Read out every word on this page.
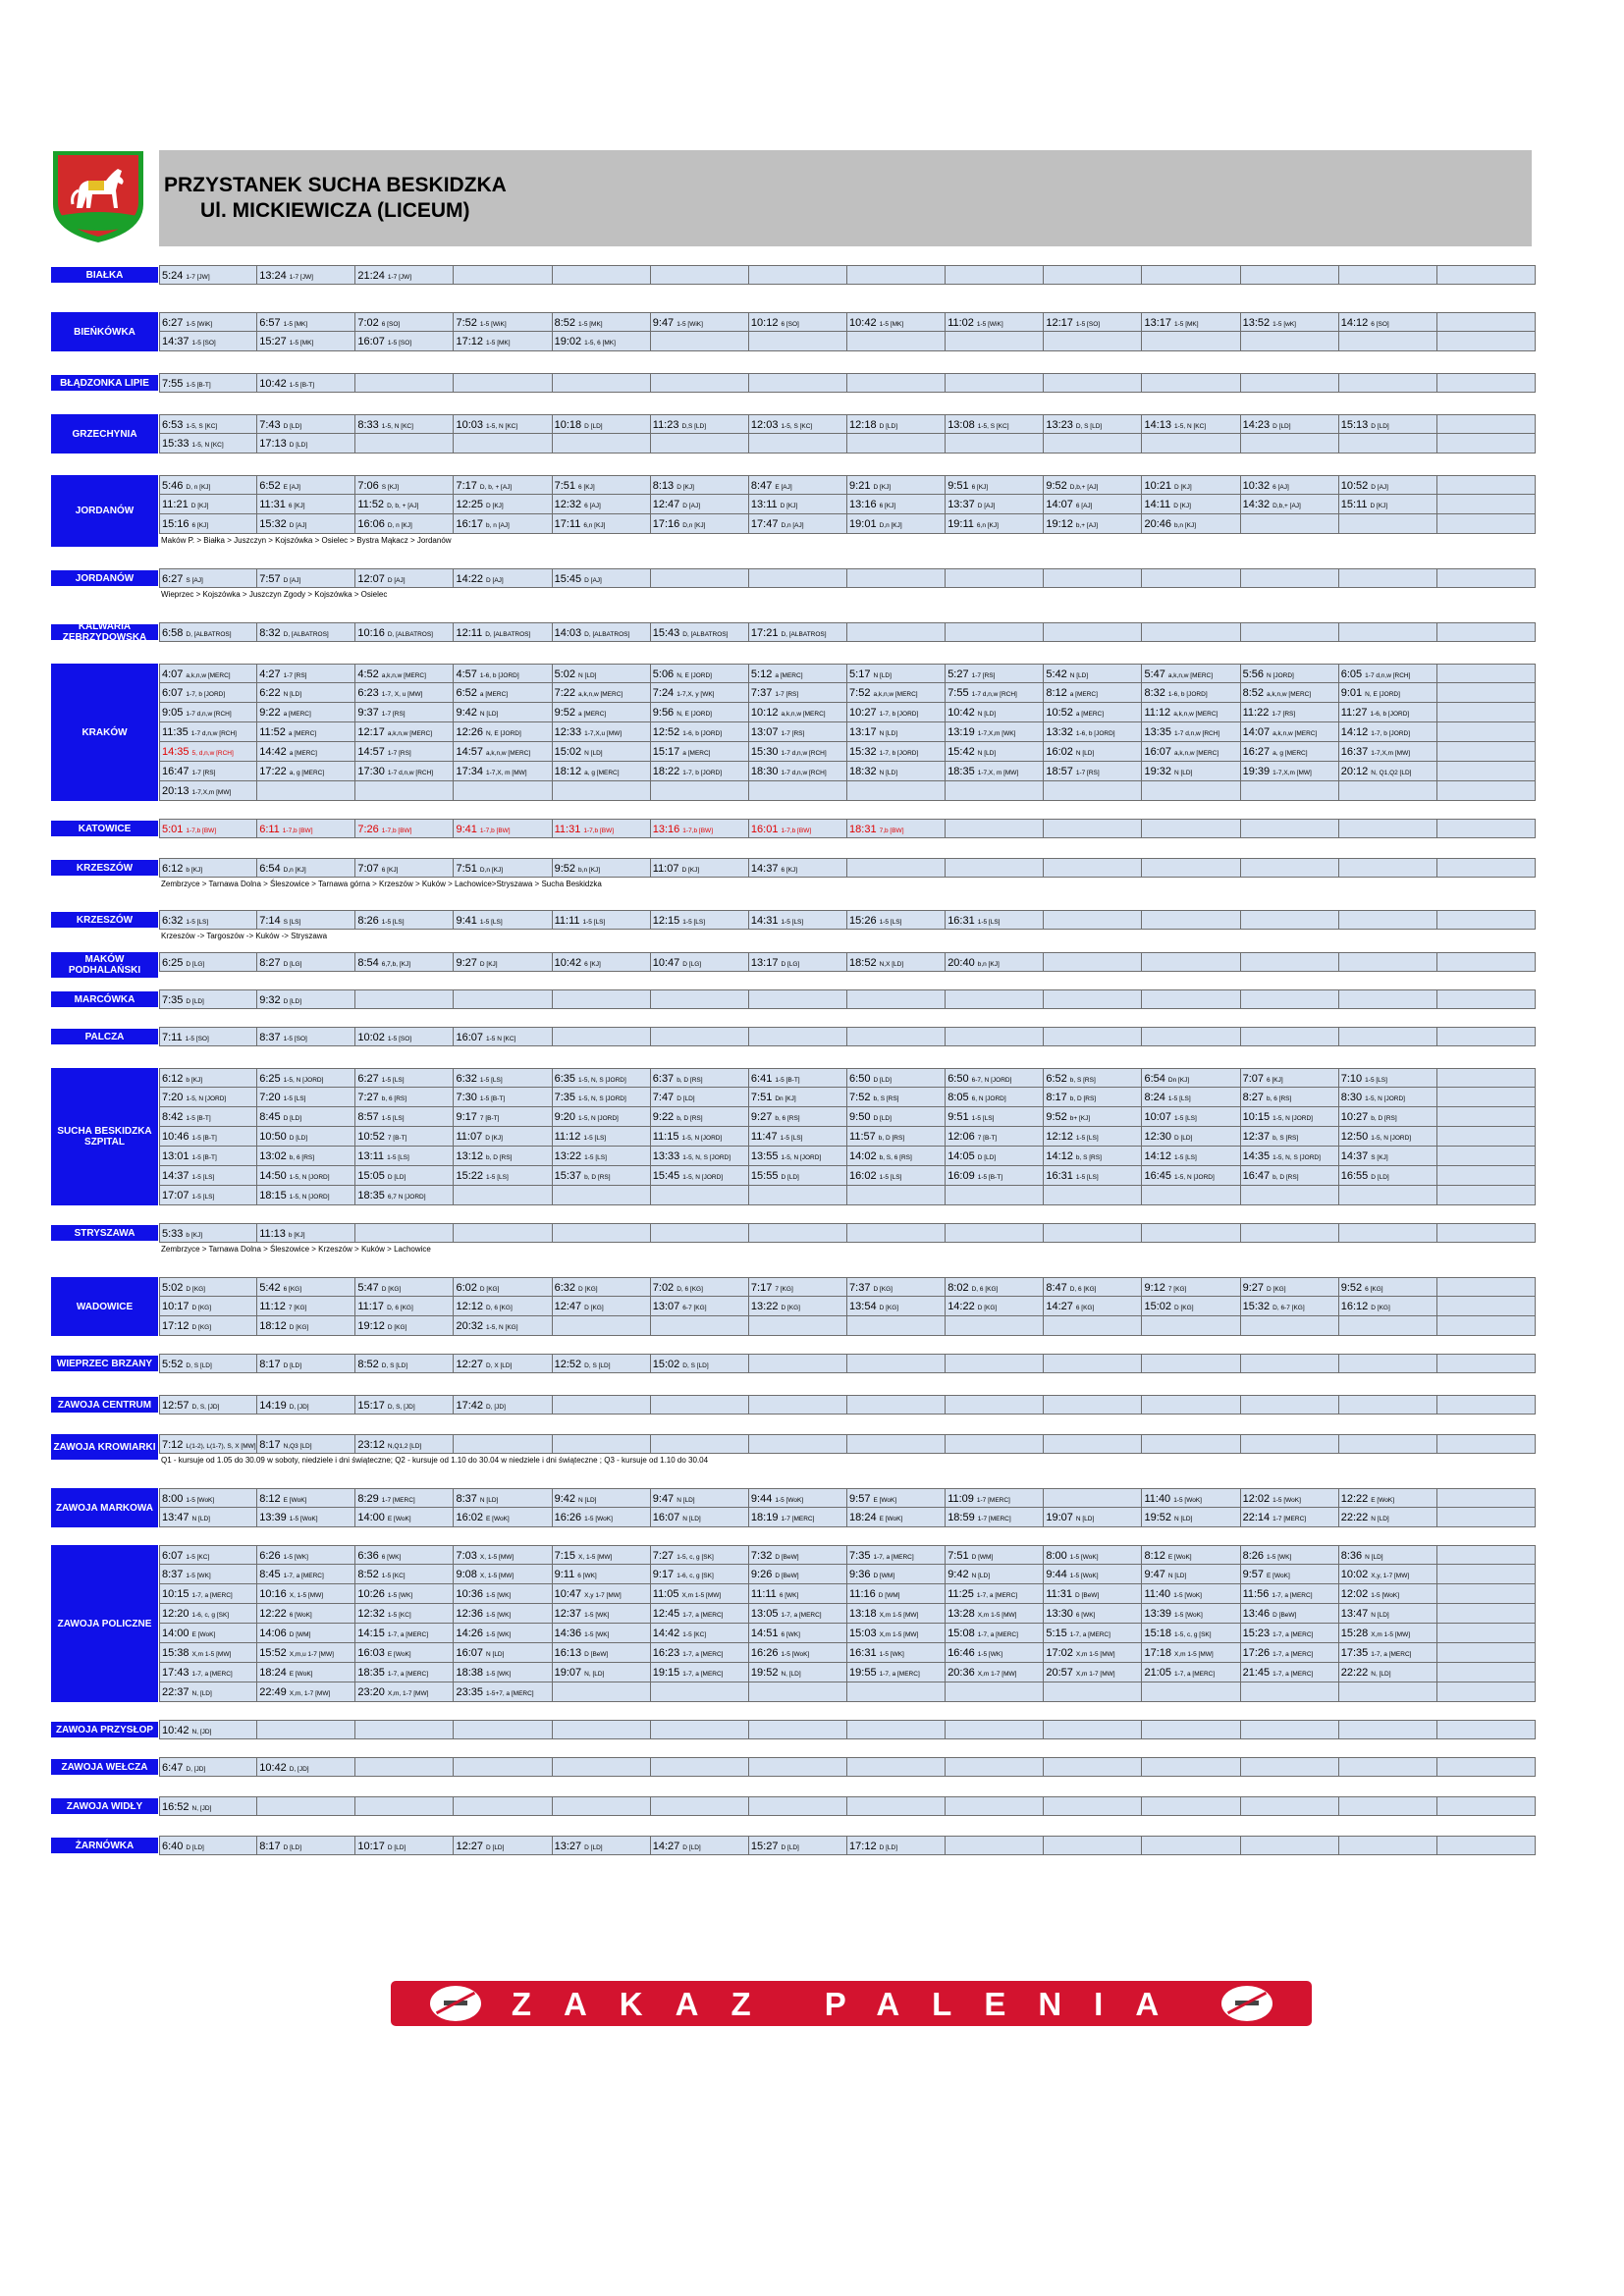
PRZYSTANEK SUCHA BESKIDZKA
Ul. MICKIEWICZA (LICEUM)
BIAŁKA	5:24 1-7 [JW]	13:24 1-7 [JW]	21:24 1-7 [JW]
BIEŃKÓWKA
6:27 1-5 [WiK]	6:57 1-5 [MK]	7:02 6 [SO]	7:52 1-5 [WiK]	8:52 1-5 [MK]	9:47 1-5 [WiK]	10:12 6 [SO]	10:42 1-5 [MK]	11:02 1-5 [WiK]	12:17 1-5 [SO]	13:17 1-5 [MK]	13:52 1-5 [wK]	14:12 6 [SO]
14:37 1-5 [SO]	15:27 1-5 [MK]	16:07 1-5 [SO]	17:12 1-5 [MK]	19:02 1-5, 6 [MK]
BŁĄDZONKA LIPIE	7:55 1-5 [B-T]	10:42 1-5 [B-T]
GRZECHYNIA
6:53 1-5, S [KC]	7:43 D [LD]	8:33 1-5, N [KC]	10:03 1-5, N [KC]	10:18 D [LD]	11:23 D,S [LD]	12:03 1-5, S [KC]	12:18 D [LD]	13:08 1-5, S [KC]	13:23 D, S [LD]	14:13 1-5, N [KC]	14:23 D [LD]	15:13 D [LD]
15:33 1-5, N [KC]	17:13 D [LD]
JORDANÓW
5:46 D, n [KJ]	6:52 E [AJ]	7:06 S [KJ]	7:17 D, b, + [AJ]	7:51 6 [KJ]	8:13 D [KJ]	8:47 E [AJ]	9:21 D [KJ]	9:51 6 [KJ]	9:52 D,b,+ [AJ]	10:21 D [KJ]	10:32 6 [AJ]	10:52 D [AJ]
11:21 D [KJ]	11:31 6 [KJ]	11:52 D, b, + [AJ]	12:25 D [KJ]	12:32 6 [AJ]	12:47 D [AJ]	13:11 D [KJ]	13:16 6 [KJ]	13:37 D [AJ]	14:07 6 [AJ]	14:11 D [KJ]	14:32 D,b,+ [AJ]	15:11 D [KJ]
15:16 6 [KJ]	15:32 D [AJ]	16:06 D, n [KJ]	16:17 b, n [AJ]	17:11 6,n [KJ]	17:16 D,n [KJ]	17:47 D,n [AJ]	19:01 D,n [KJ]	19:11 6,n [KJ]	19:12 b,+ [AJ]	20:46 b,n [KJ]
Maków P. > Białka > Juszczyn > Kojszówka > Osielec > Bystra Mąkacz > Jordanów
JORDANÓW	6:27 S [AJ]	7:57 D [AJ]	12:07 D [AJ]	14:22 D [AJ]	15:45 D [AJ]
Wieprzec > Kojszówka > Juszczyn Zgody > Kojszówka > Osielec
KALWARIA ZEBRZYDOWSKA	6:58 D, [ALBATROS]	8:32 D, [ALBATROS]	10:16 D, [ALBATROS]	12:11 D, [ALBATROS]	14:03 D, [ALBATROS]	15:43 D, [ALBATROS]	17:21 D, [ALBATROS]
KRAKÓW
4:07 a,k,n,w [MERC]	4:27 1-7 [RS]	4:52 a,k,n,w [MERC]	4:57 1-6, b [JORD]	5:02 N [LD]	5:06 N, E [JORD]	5:12 a [MERC]	5:17 N [LD]	5:27 1-7 [RS]	5:42 N [LD]	5:47 a,k,n,w [MERC]	5:56 N [JORD]	6:05 1-7 d,n,w [RCH]
6:07 1-7, b [JORD]	6:22 N [LD]	6:23 1-7, X, u [MW]	6:52 a [MERC]	7:22 a,k,n,w [MERC]	7:24 1-7,X, y [WK]	7:37 1-7 [RS]	7:52 a,k,n,w [MERC]	7:55 1-7 d,n,w [RCH]	8:12 a [MERC]	8:32 1-6, b [JORD]	8:52 a,k,n,w [MERC]	9:01 N, E [JORD]
9:05 1-7 d,n,w [RCH]	9:22 a [MERC]	9:37 1-7 [RS]	9:42 N [LD]	9:52 a [MERC]	9:56 N, E [JORD]	10:12 a,k,n,w [MERC]	10:27 1-7, b [JORD]	10:42 N [LD]	10:52 a [MERC]	11:12 a,k,n,w [MERC]	11:22 1-7 [RS]	11:27 1-6, b [JORD]
11:35 1-7 d,n,w [RCH]	11:52 a [MERC]	12:17 a,k,n,w [MERC]	12:26 N, E [JORD]	12:33 1-7,X,u [MW]	12:52 1-6, b [JORD]	13:07 1-7 [RS]	13:17 N [LD]	13:19 1-7,X,m [WK]	13:32 1-6, b [JORD]	13:35 1-7 d,n,w [RCH]	14:07 a,k,n,w [MERC]	14:12 1-7, b [JORD]
14:35 5, d,n,w [RCH]	14:42 a [MERC]	14:57 1-7 [RS]	14:57 a,k,n,w [MERC]	15:02 N [LD]	15:17 a [MERC]	15:30 1-7 d,n,w [RCH]	15:32 1-7, b [JORD]	15:42 N [LD]	16:02 N [LD]	16:07 a,k,n,w [MERC]	16:27 a, g [MERC]	16:37 1-7,X,m [MW]
16:47 1-7 [RS]	17:22 a, g [MERC]	17:30 1-7 d,n,w [RCH]	17:34 1-7,X, m [MW]	18:12 a, g [MERC]	18:22 1-7, b [JORD]	18:30 1-7 d,n,w [RCH]	18:32 N [LD]	18:35 1-7,X, m [MW]	18:57 1-7 [RS]	19:32 N [LD]	19:39 1-7,X,m [MW]	20:12 N, Q1,Q2 [LD]
20:13 1-7,X,m [MW]
KATOWICE	5:01 1-7,b [BW]	6:11 1-7,b [BW]	7:26 1-7,b [BW]	9:41 1-7,b [BW]	11:31 1-7,b [BW]	13:16 1-7,b [BW]	16:01 1-7,b [BW]	18:31 7,b [BW]
KRZESZÓW	6:12 b [KJ]	6:54 D,n [KJ]	7:07 6 [KJ]	7:51 D,n [KJ]	9:52 b,n [KJ]	11:07 D [KJ]	14:37 6 [KJ]
Zembrzyce > Tarnawa Dolna > Śleszowice > Tarnawa górna > Krzeszów > Kuków > Lachowice>Stryszawa > Sucha Beskidzka
KRZESZÓW	6:32 1-5 [LS]	7:14 S [LS]	8:26 1-5 [LS]	9:41 1-5 [LS]	11:11 1-5 [LS]	12:15 1-5 [LS]	14:31 1-5 [LS]	15:26 1-5 [LS]	16:31 1-5 [LS]
Krzeszów -> Targoszów -> Kuków -> Stryszawa
MAKÓW PODHALAŃSKI
6:25 D [LG]	8:27 D [LG]	8:54 6,7,b, [KJ]	9:27 D [KJ]	10:42 6 [KJ]	10:47 D [LG]	13:17 D [LG]	18:52 N,X [LD]	20:40 b,n [KJ]
MARCÓWKA	7:35 D [LD]	9:32 D [LD]
PALCZA	7:11 1-5 [SO]	8:37 1-5 [SO]	10:02 1-5 [SO]	16:07 1-5 N [KC]
SUCHA BESKIDZKA SZPITAL
6:12 b [KJ]	6:25 1-5, N [JORD]	6:27 1-5 [LS]	6:32 1-5 [LS]	6:35 1-5, N, S [JORD]	6:37 b, D [RS]	6:41 1-5 [B-T]	6:50 D [LD]	6:50 6-7, N [JORD]	6:52 b, S [RS]	6:54 Dn [KJ]	7:07 6 [KJ]	7:10 1-5 [LS]
7:20 1-5, N [JORD]	7:20 1-5 [LS]	7:27 b, 6 [RS]	7:30 1-5 [B-T]	7:35 1-5, N, S [JORD]	7:47 D [LD]	7:51 Dn [KJ]	7:52 b, S [RS]	8:05 6, N [JORD]	8:17 b, D [RS]	8:24 1-5 [LS]	8:27 b, 6 [RS]	8:30 1-5, N [JORD]
8:42 1-5 [B-T]	8:45 D [LD]	8:57 1-5 [LS]	9:17 7 [B-T]	9:20 1-5, N [JORD]	9:22 b, D [RS]	9:27 b, 6 [RS]	9:50 D [LD]	9:51 1-5 [LS]	9:52 b+ [KJ]	10:07 1-5 [LS]	10:15 1-5, N [JORD]	10:27 b, D [RS]
10:46 1-5 [B-T]	10:50 D [LD]	10:52 7 [B-T]	11:07 D [KJ]	11:12 1-5 [LS]	11:15 1-5, N [JORD]	11:47 1-5 [LS]	11:57 b, D [RS]	12:06 7 [B-T]	12:12 1-5 [LS]	12:30 D [LD]	12:37 b, S [RS]	12:50 1-5, N [JORD]
13:01 1-5 [B-T]	13:02 b, 6 [RS]	13:11 1-5 [LS]	13:12 b, D [RS]	13:22 1-5 [LS]	13:33 1-5, N, S [JORD]	13:55 1-5, N [JORD]	14:02 b, S, 6 [RS]	14:05 D [LD]	14:12 b, S [RS]	14:12 1-5 [LS]	14:35 1-5, N, S [JORD]	14:37 S [KJ]
14:37 1-5 [LS]	14:50 1-5, N [JORD]	15:05 D [LD]	15:22 1-5 [LS]	15:37 b, D [RS]	15:45 1-5, N [JORD]	15:55 D [LD]	16:02 1-5 [LS]	16:09 1-5 [B-T]	16:31 1-5 [LS]	16:45 1-5, N [JORD]	16:47 b, D [RS]	16:55 D [LD]
17:07 1-5 [LS]	18:15 1-5, N [JORD]	18:35 6,7 N [JORD]
STRYSZAWA	5:33 b [KJ]	11:13 b [KJ]
Zembrzyce > Tarnawa Dolna > Śleszowice > Krzeszów > Kuków > Lachowice
WADOWICE
5:02 D [KG]	5:42 6 [KG]	5:47 D [KG]	6:02 D [KG]	6:32 D [KG]	7:02 D, 6 [KG]	7:17 7 [KG]	7:37 D [KG]	8:02 D, 6 [KG]	8:47 D, 6 [KG]	9:12 7 [KG]	9:27 D [KG]	9:52 6 [KG]
10:17 D [KG]	11:12 7 [KG]	11:17 D, 6 [KG]	12:12 D, 6 [KG]	12:47 D [KG]	13:07 6-7 [KG]	13:22 D [KG]	13:54 D [KG]	14:22 D [KG]	14:27 6 [KG]	15:02 D [KG]	15:32 D, 6-7 [KG]	16:12 D [KG]
17:12 D [KG]	18:12 D [KG]	19:12 D [KG]	20:32 1-5, N [KG]
WIEPRZEC BRZANY 5:52 D, S [LD]	8:17 D [LD]	8:52 D, S [LD]	12:27 D, X [LD]	12:52 D, S [LD]	15:02 D, S [LD]
ZAWOJA CENTRUM 12:57 D, S, [JD]	14:19 D, [JD]	15:17 D, S, [JD]	17:42 D, [JD]
ZAWOJA KROWIARKI 7:12 L(1-2), L(1-7), S, X [MW] 8:17 N,Q3 [LD]	23:12 N,Q1,2 [LD]
Q1 - kursuje od 1.05 do 30.09 w soboty, niedziele i dni świąteczne; Q2 - kursuje od 1.10 do 30.04 w niedziele i dni świąteczne ; Q3 - kursuje od 1.10 do 30.04
ZAWOJA MARKOWA
8:00 1-5 [WoK]	8:12 E [WoK]	8:29 1-7 [MERC]	8:37 N [LD]	9:42 N [LD]	9:47 N [LD]	9:44 1-5 [WoK]	9:57 E [WoK]	11:09 1-7 [MERC]	11:40 1-5 [WoK]	12:02 1-5 [WoK]	12:22 E [WoK]
13:47 N [LD]	13:39 1-5 [WoK]	14:00 E [WoK]	16:02 E [WoK]	16:26 1-5 [WoK]	16:07 N [LD]	18:19 1-7 [MERC]	18:24 E [WoK]	18:59 1-7 [MERC]	19:07 N [LD]	19:52 N [LD]	22:14 1-7 [MERC]	22:22 N [LD]
ZAWOJA POLICZNE
6:07 1-5 [KC]	6:26 1-5 [WK]	6:36 6 [WK]	7:03 X, 1-5 [MW]	7:15 X, 1-5 [MW]	7:27 1-5, c, g [SK]	7:32 D [BeW]	7:35 1-7, a [MERC]	7:51 D [WM]	8:00 1-5 [WoK]	8:12 E [WoK]	8:26 1-5 [WK]	8:36 N [LD]
8:37 1-5 [WK]	8:45 1-7, a [MERC]	8:52 1-5 [KC]	9:08 X, 1-5 [MW]	9:11 6 [WK]	9:17 1-6, c, g [SK]	9:26 D [BeW]	9:36 D [WM]	9:42 N [LD]	9:44 1-5 [WoK]	9:47 N [LD]	9:57 E [WoK]	10:02 X,y, 1-7 [MW]
10:15 1-7, a [MERC]	10:16 X, 1-5 [MW]	10:26 1-5 [WK]	10:36 1-5 [WK]	10:47 X,y 1-7 [MW]	11:05 X,m 1-5 [MW]	11:11 6 [WK]	11:16 D [WM]	11:25 1-7, a [MERC]	11:31 D [BeW]	11:40 1-5 [WoK]	11:56 1-7, a [MERC]	12:02 1-5 [WoK]
12:20 1-6, c, g [SK]	12:22 6 [WoK]	12:32 1-5 [KC]	12:36 1-5 [WK]	12:37 1-5 [WK]	12:45 1-7, a [MERC]	13:05 1-7, a [MERC]	13:18 X,m 1-5 [MW]	13:28 X,m 1-5 [MW]	13:30 6 [WK]	13:39 1-5 [WoK]	13:46 D [BeW]	13:47 N [LD]
14:00 E [WoK]	14:06 D [WM]	14:15 1-7, a [MERC]	14:26 1-5 [WK]	14:36 1-5 [WK]	14:42 1-5 [KC]	14:51 6 [WK]	15:03 X,m 1-5 [MW]	15:08 1-7, a [MERC]	5:15 1-7, a [MERC]	15:18 1-5, c, g [SK]	15:23 1-7, a [MERC]	15:28 X,m 1-5 [MW]
15:38 X,m 1-5 [MW]	15:52 X,m,u 1-7 [MW]	16:03 E [WoK]	16:07 N [LD]	16:13 D [BeW]	16:23 1-7, a [MERC]	16:26 1-5 [WoK]	16:31 1-5 [WK]	16:46 1-5 [WK]	17:02 X,m 1-5 [MW]	17:18 X,m 1-5 [MW]	17:26 1-7, a [MERC]	17:35 1-7, a [MERC]
17:43 1-7, a [MERC]	18:24 E [WoK]	18:35 1-7, a [MERC]	18:38 1-5 [WK]	19:07 N, [LD]	19:15 1-7, a [MERC]	19:52 N, [LD]	19:55 1-7, a [MERC]	20:36 X,m 1-7 [MW]	20:57 X,m 1-7 [MW]	21:05 1-7, a [MERC]	21:45 1-7, a [MERC]	22:22 N, [LD]
22:37 N, [LD]	22:49 X,m, 1-7 [MW]	23:20 X,m, 1-7 [MW]	23:35 1-5+7, a [MERC]
ZAWOJA PRZYSŁOP 10:42 N, [JD]
ZAWOJA WEŁCZA	6:47 D, [JD]	10:42 D, [JD]
ZAWOJA WIDŁY	16:52 N, [JD]
ŻARNÓWKA	6:40 D [LD]	8:17 D [LD]	10:17 D [LD]	12:27 D [LD]	13:27 D [LD]	14:27 D [LD]	15:27 D [LD]	17:12 D [LD]
ZAKAZ PALENIA
